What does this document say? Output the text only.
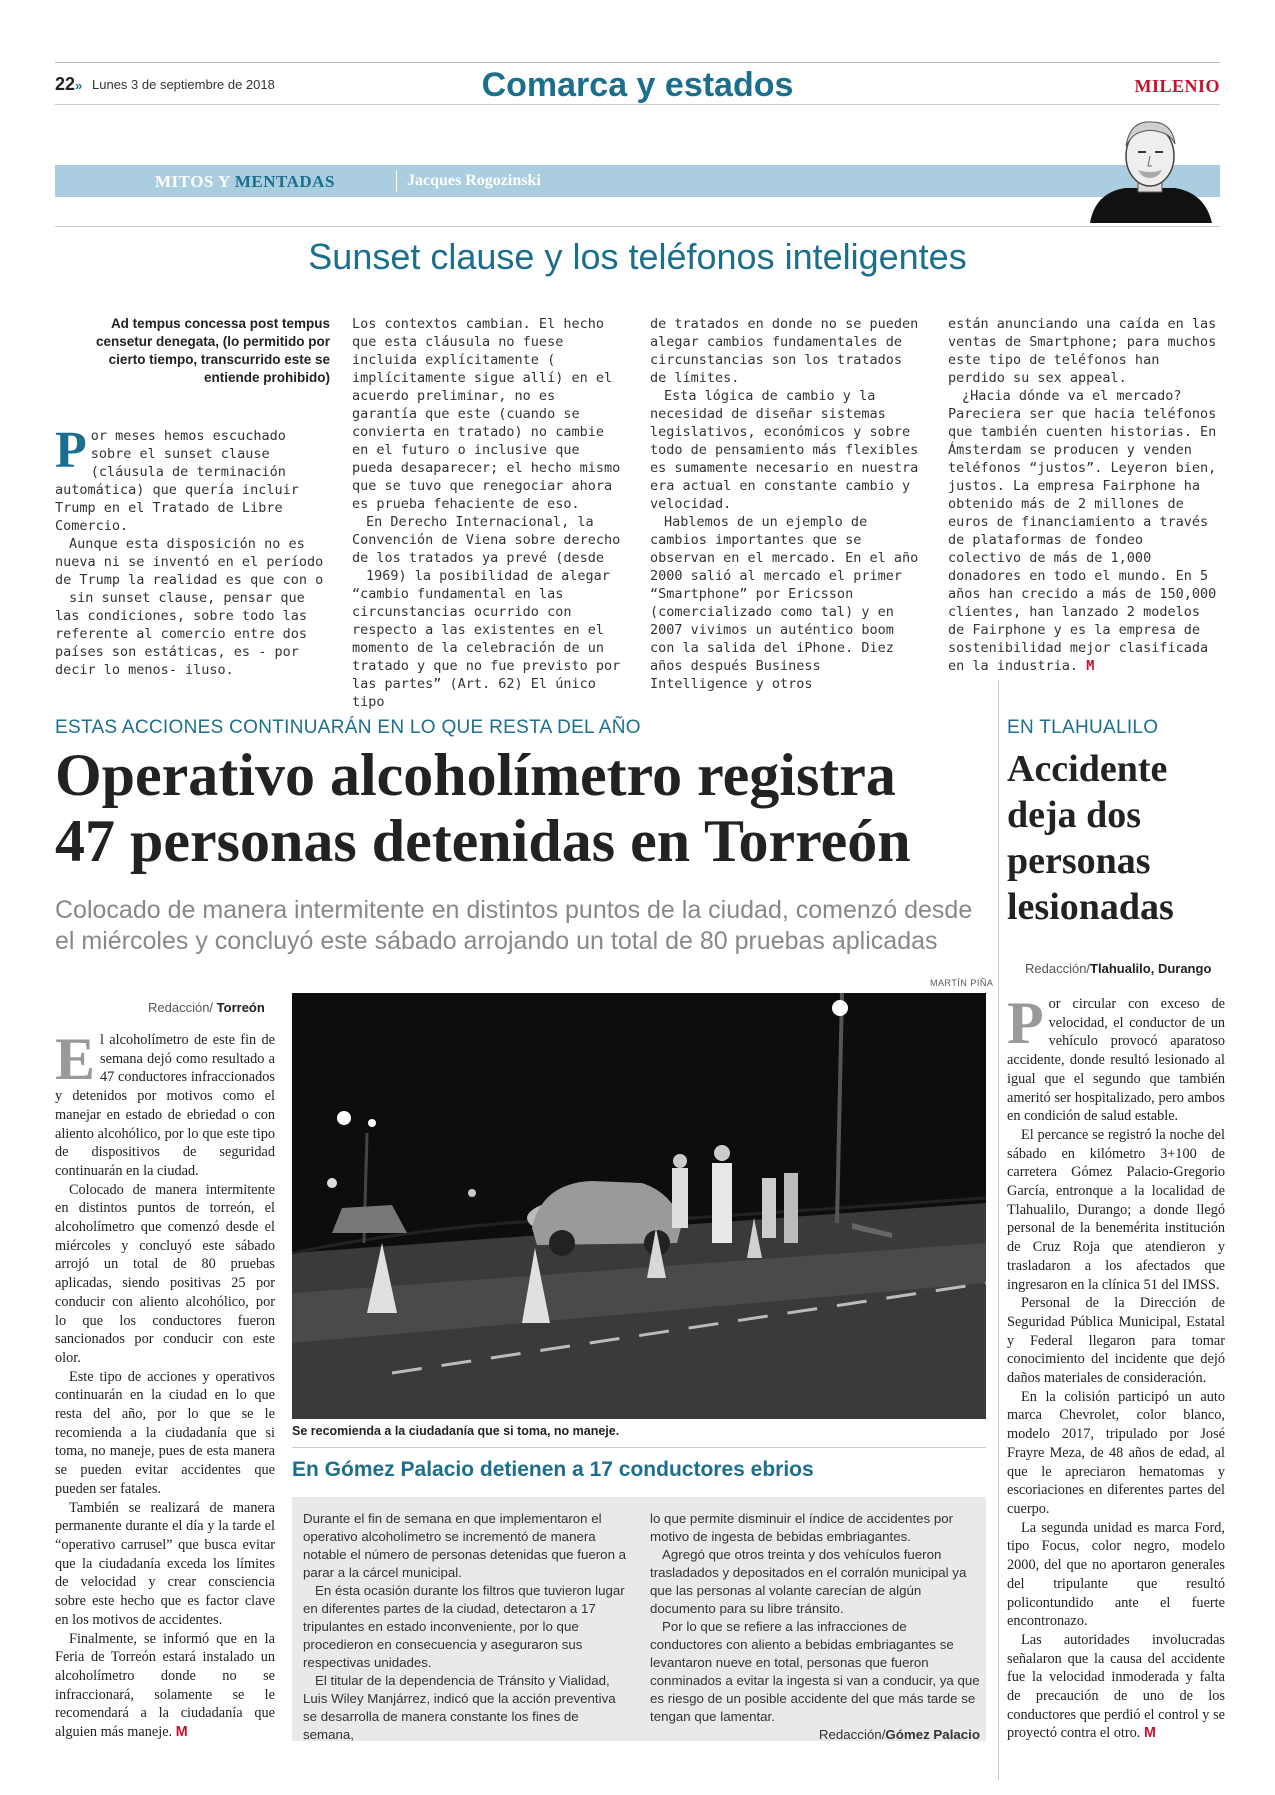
22» Lunes 3 de septiembre de 2018	Comarca y estados	MILENIO
MITOS Y MENTADAS	Jacques Rogozinski
Sunset clause y los teléfonos inteligentes
Ad tempus concessa post tempus censetur denegata, (lo permitido por cierto tiempo, transcurrido este se entiende prohibido)

Por meses hemos escuchado sobre el sunset clause (cláusula de terminación automática) que quería incluir Trump en el Tratado de Libre Comercio.

Aunque esta disposición no es nueva ni se inventó en el período de Trump la realidad es que con o

sin sunset clause, pensar que las condiciones, sobre todo las referente al comercio entre dos países son estáticas, es - por decir lo menos- iluso.

Los contextos cambian. El hecho que esta cláusula no fuese incluida explícitamente ( implícitamente sigue allí) en el acuerdo preliminar, no es garantía que este (cuando se convierta en tratado) no cambie en el futuro o inclusive que pueda desaparecer; el hecho mismo que se tuvo que renegociar ahora es prueba fehaciente de eso.

En Derecho Internacional, la Convención de Viena sobre derecho de los tratados ya prevé (desde

1969) la posibilidad de alegar “cambio fundamental en las circunstancias ocurrido con respecto a las existentes en el momento de la celebración de un tratado y que no fue previsto por las partes” (Art. 62) El único tipo

de tratados en donde no se pueden alegar cambios fundamentales de circunstancias son los tratados de límites.

Esta lógica de cambio y la necesidad de diseñar sistemas legislativos, económicos y sobre todo de pensamiento más flexibles es sumamente necesario en nuestra era actual en constante cambio y velocidad.

Hablemos de un ejemplo de cambios importantes que se observan en el mercado. En el año 2000 salió al mercado el primer “Smartphone” por Ericsson (comercializado como tal) y en 2007 vivimos un auténtico boom con la salida del iPhone. Diez años después Business Intelligence y otros

están anunciando una caída en las ventas de Smartphone; para muchos este tipo de teléfonos han perdido su sex appeal.

¿Hacia dónde va el mercado? Pareciera ser que hacia teléfonos que también cuenten historias. En Ámsterdam se producen y venden teléfonos “justos”. Leyeron bien, justos. La empresa Fairphone ha obtenido más de 2 millones de euros de financiamiento a través de plataformas de fondeo colectivo de más de 1,000 donadores en todo el mundo. En 5 años han crecido a más de 150,000 clientes, han lanzado 2 modelos de Fairphone y es la empresa de sostenibilidad mejor clasificada en la industria. M

ESTAS ACCIONES CONTINUARÁN EN LO QUE RESTA DEL AÑO
Operativo alcoholímetro registra
47 personas detenidas en Torreón
Colocado de manera intermitente en distintos puntos de la ciudad, comenzó desde el miércoles y concluyó este sábado arrojando un total de 80 pruebas aplicadas
Redacción/ Torreón
MARTÍN PIÑA
Se recomienda a la ciudadanía que si toma, no maneje.

El alcoholímetro de este fin de semana dejó como resultado a 47 conductores infraccionados y detenidos por motivos como el manejar en estado de ebriedad o con aliento alcohólico, por lo que este tipo de dispositivos de seguridad continuarán en la ciudad.

Colocado de manera intermitente en distintos puntos de torreón, el alcoholímetro que comenzó desde el miércoles y concluyó este sábado arrojó un total de 80 pruebas aplicadas, siendo positivas 25 por conducir con aliento alcohólico, por lo que los conductores fueron sancionados por conducir con este olor.

Este tipo de acciones y operativos continuarán en la ciudad en lo que resta del año, por lo que se le recomienda a la ciudadanía que si toma, no maneje, pues de esta manera se pueden evitar accidentes que pueden ser fatales.

También se realizará de manera permanente durante el día y la tarde el “operativo carrusel” que busca evitar que la ciudadanía exceda los límites de velocidad y crear consciencia sobre este hecho que es factor clave en los motivos de accidentes.

Finalmente, se informó que en la Feria de Torreón estará instalado un alcoholímetro donde no se infraccionará, solamente se le recomendará a la ciudadanía que alguien más maneje. M

En Gómez Palacio detienen a 17 conductores ebrios

Durante el fin de semana en que implementaron el operativo alcoholímetro se incrementó de manera notable el número de personas detenidas que fueron a parar a la cárcel municipal.

En ésta ocasión durante los filtros que tuvieron lugar en diferentes partes de la ciudad, detectaron a 17 tripulantes en estado inconveniente, por lo que procedieron en consecuencia y aseguraron sus respectivas unidades.

El titular de la dependencia de Tránsito y Vialidad, Luis Wiley Manjárrez, indicó que la acción preventiva se desarrolla de manera constante los fines de semana,

lo que permite disminuir el índice de accidentes por motivo de ingesta de bebidas embriagantes.

Agregó que otros treinta y dos vehículos fueron trasladados y depositados en el corralón municipal ya que las personas al volante carecían de algún documento para su libre tránsito.

Por lo que se refiere a las infracciones de conductores con aliento a bebidas embriagantes se levantaron nueve en total, personas que fueron conminados a evitar la ingesta si van a conducir, ya que es riesgo de un posible accidente del que más tarde se tengan que lamentar.

Redacción/Gómez Palacio

EN TLAHUALILO
Accidente deja dos personas lesionadas
Redacción/Tlahualilo, Durango

Por circular con exceso de velocidad, el conductor de un vehículo provocó aparatoso accidente, donde resultó lesionado al igual que el segundo que también ameritó ser hospitalizado, pero ambos en condición de salud estable.

El percance se registró la noche del sábado en kilómetro 3+100 de carretera Gómez Palacio-Gregorio García, entronque a la localidad de Tlahualilo, Durango; a donde llegó personal de la benemérita institución de Cruz Roja que atendieron y trasladaron a los afectados que ingresaron en la clínica 51 del IMSS.

Personal de la Dirección de Seguridad Pública Municipal, Estatal y Federal llegaron para tomar conocimiento del incidente que dejó daños materiales de consideración.

En la colisión participó un auto marca Chevrolet, color blanco, modelo 2017, tripulado por José Frayre Meza, de 48 años de edad, al que le apreciaron hematomas y escoriaciones en diferentes partes del cuerpo.

La segunda unidad es marca Ford, tipo Focus, color negro, modelo 2000, del que no aportaron generales del tripulante que resultó policontundido ante el fuerte encontronazo.

Las autoridades involucradas señalaron que la causa del accidente fue la velocidad inmoderada y falta de precaución de uno de los conductores que perdió el control y se proyectó contra el otro. M
